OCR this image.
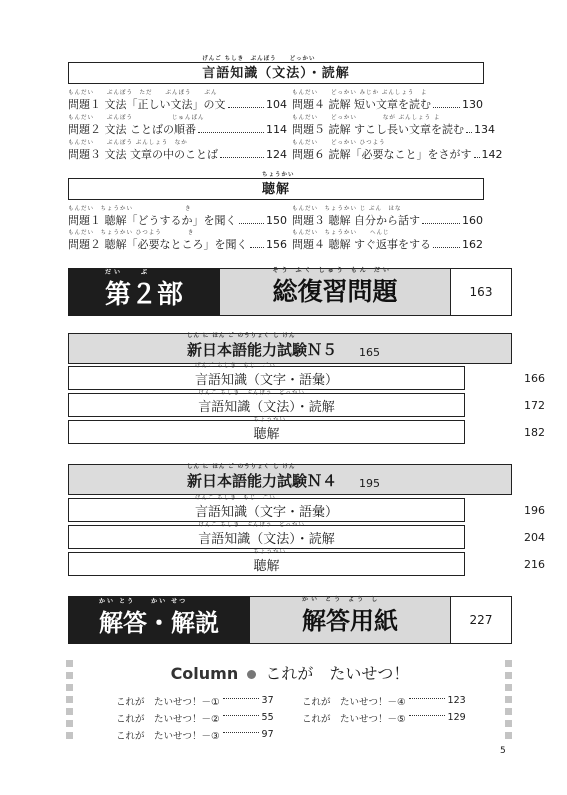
げんご ちしき　ぶんぽう　　どっかい
言語知識（文法）・読解
もんだい　　ぶんぽう　ただ　　ぶんぽう　　ぶん
問題１ 文法「正しい文法」の文	104
もんだい　　ぶんぽう　　　　　　じゅんばん
問題２ 文法 ことばの順番	114
もんだい　　ぶんぽう ぶんしょう　なか
問題３ 文法 文章の中のことば	124
もんだい　　どっかい みじか ぶんしょう　よ
問題４ 読解 短い文章を読む	130
もんだい　　どっかい　　　　なが ぶんしょう よ
問題５ 読解 すこし長い文章を読む 134
もんだい　　どっかい ひつよう
問題６ 読解「必要なこと」をさがす 142
ちょうかい
聴解
もんだい　ちょうかい　　　　　　　　き
問題１ 聴解「どうするか」を聞く	150
もんだい　ちょうかい ひつよう　　　　き
問題２ 聴解「必要なところ」を聞く 156
もんだい　ちょうかい じ ぶん　はな
問題３ 聴解 自分から話す	160
もんだい　ちょうかい　　へんじ
問題４ 聴解 すぐ返事をする	162
だい　　ぶ
第２部
そう ふく しゅう もん だい
総復習問題	163
しん に ほん ご のうりょく し けん
新日本語能力試験Ｎ５ 165
げんご ちしき　もじ　ごい
言語知識（文字・語彙）	166
げんご ちしき　ぶんぽう　どっかい
言語知識（文法）・読解	172
ちょうかい
聴解	182
しん に ほん ご のうりょく し けん
新日本語能力試験Ｎ４ 195
げんご ちしき　もじ　ごい
言語知識（文字・語彙）	196
げんご ちしき　ぶんぽう　どっかい
言語知識（文法）・読解	204
ちょうかい
聴解	216
かい とう　　かい せつ
解答・解説
かい とう よう し
解答用紙	227
Column これが　たいせつ！
これが　たいせつ！－①	37
これが　たいせつ！－②	55
これが　たいせつ！－③	97
これが　たいせつ！－④	123
これが　たいせつ！－⑤	129
5
